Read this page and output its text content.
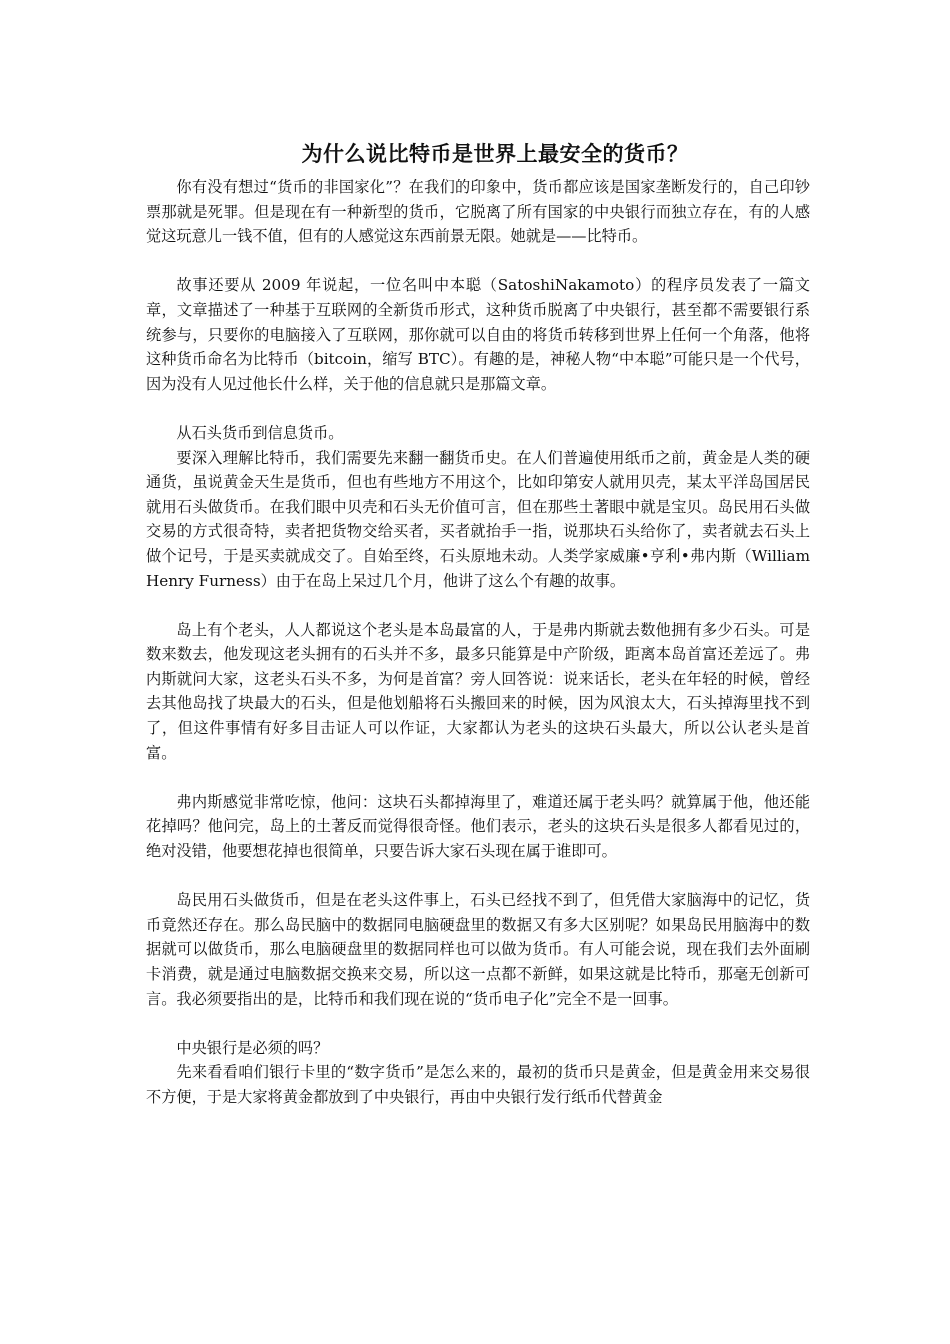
为什么说比特币是世界上最安全的货币？

你有没有想过“货币的非国家化”？在我们的印象中，货币都应该是国家垄断发行的，自己印钞票那就是死罪。但是现在有一种新型的货币，它脱离了所有国家的中央银行而独立存在，有的人感觉这玩意儿一钱不值，但有的人感觉这东西前景无限。她就是——比特币。

故事还要从 2009 年说起，一位名叫中本聪（SatoshiNakamoto）的程序员发表了一篇文章，文章描述了一种基于互联网的全新货币形式，这种货币脱离了中央银行，甚至都不需要银行系统参与，只要你的电脑接入了互联网，那你就可以自由的将货币转移到世界上任何一个角落，他将这种货币命名为比特币（bitcoin，缩写 BTC）。有趣的是，神秘人物“中本聪”可能只是一个代号，因为没有人见过他长什么样，关于他的信息就只是那篇文章。

从石头货币到信息货币。

要深入理解比特币，我们需要先来翻一翻货币史。在人们普遍使用纸币之前，黄金是人类的硬通货，虽说黄金天生是货币，但也有些地方不用这个，比如印第安人就用贝壳，某太平洋岛国居民就用石头做货币。在我们眼中贝壳和石头无价值可言，但在那些土著眼中就是宝贝。岛民用石头做交易的方式很奇特，卖者把货物交给买者，买者就抬手一指，说那块石头给你了，卖者就去石头上做个记号，于是买卖就成交了。自始至终，石头原地未动。人类学家威廉•亨利•弗内斯（William Henry Furness）由于在岛上呆过几个月，他讲了这么个有趣的故事。

岛上有个老头，人人都说这个老头是本岛最富的人，于是弗内斯就去数他拥有多少石头。可是数来数去，他发现这老头拥有的石头并不多，最多只能算是中产阶级，距离本岛首富还差远了。弗内斯就问大家，这老头石头不多，为何是首富？旁人回答说：说来话长，老头在年轻的时候，曾经去其他岛找了块最大的石头，但是他划船将石头搬回来的时候，因为风浪太大，石头掉海里找不到了，但这件事情有好多目击证人可以作证，大家都认为老头的这块石头最大，所以公认老头是首富。

弗内斯感觉非常吃惊，他问：这块石头都掉海里了，难道还属于老头吗？就算属于他，他还能花掉吗？他问完，岛上的土著反而觉得很奇怪。他们表示，老头的这块石头是很多人都看见过的，绝对没错，他要想花掉也很简单，只要告诉大家石头现在属于谁即可。

岛民用石头做货币，但是在老头这件事上，石头已经找不到了，但凭借大家脑海中的记忆，货币竟然还存在。那么岛民脑中的数据同电脑硬盘里的数据又有多大区别呢？如果岛民用脑海中的数据就可以做货币，那么电脑硬盘里的数据同样也可以做为货币。有人可能会说，现在我们去外面刷卡消费，就是通过电脑数据交换来交易，所以这一点都不新鲜，如果这就是比特币，那毫无创新可言。我必须要指出的是，比特币和我们现在说的“货币电子化”完全不是一回事。

中央银行是必须的吗？

先来看看咱们银行卡里的“数字货币”是怎么来的，最初的货币只是黄金，但是黄金用来交易很不方便，于是大家将黄金都放到了中央银行，再由中央银行发行纸币代替黄金
